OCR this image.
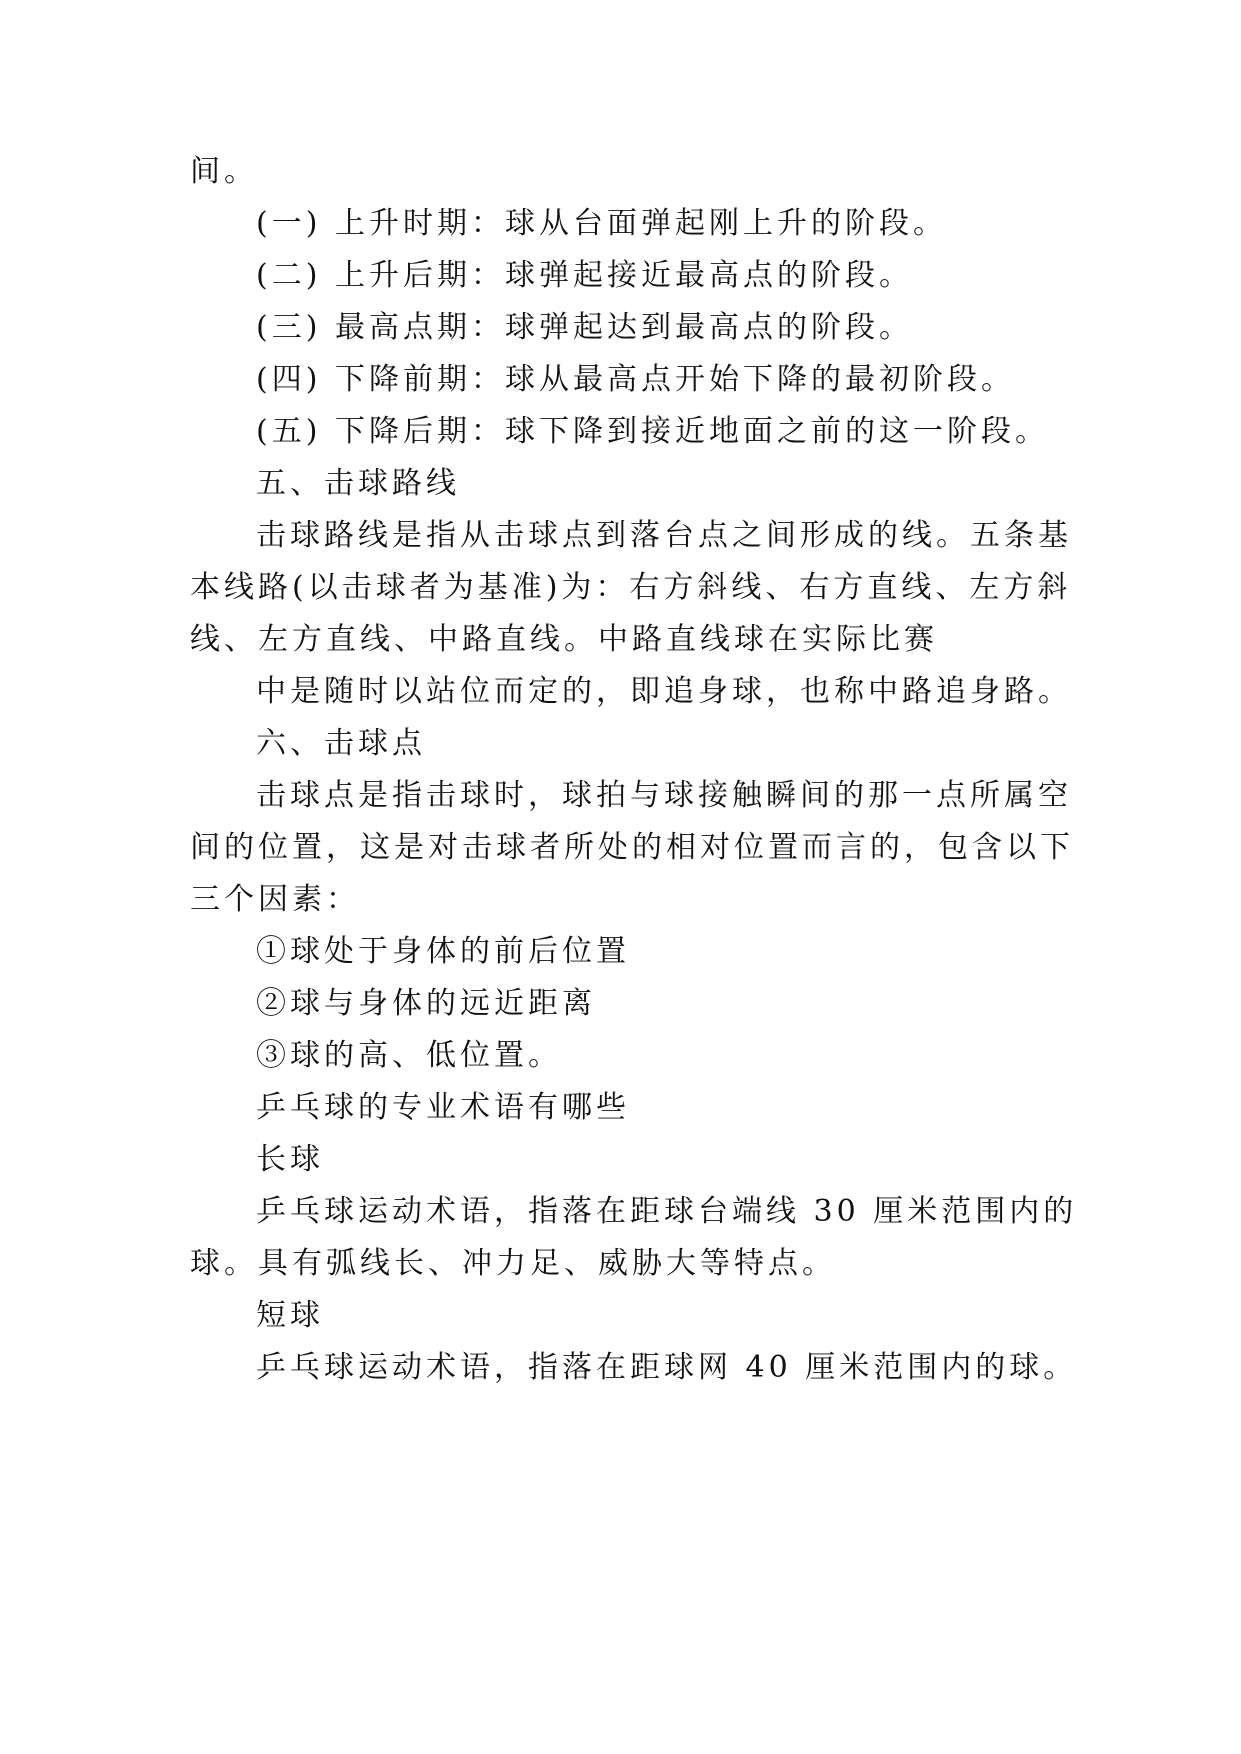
间。
(一) 上升时期：球从台面弹起刚上升的阶段。
(二) 上升后期：球弹起接近最高点的阶段。
(三) 最高点期：球弹起达到最高点的阶段。
(四) 下降前期：球从最高点开始下降的最初阶段。
(五) 下降后期：球下降到接近地面之前的这一阶段。
五、击球路线
击球路线是指从击球点到落台点之间形成的线。五条基
本线路(以击球者为基准)为：右方斜线、右方直线、左方斜
线、左方直线、中路直线。中路直线球在实际比赛
中是随时以站位而定的，即追身球，也称中路追身路。
六、击球点
击球点是指击球时，球拍与球接触瞬间的那一点所属空
间的位置，这是对击球者所处的相对位置而言的，包含以下
三个因素：
①球处于身体的前后位置
②球与身体的远近距离
③球的高、低位置。
乒乓球的专业术语有哪些
长球
乒乓球运动术语，指落在距球台端线 30 厘米范围内的
球。具有弧线长、冲力足、威胁大等特点。
短球
乒乓球运动术语，指落在距球网 40 厘米范围内的球。
